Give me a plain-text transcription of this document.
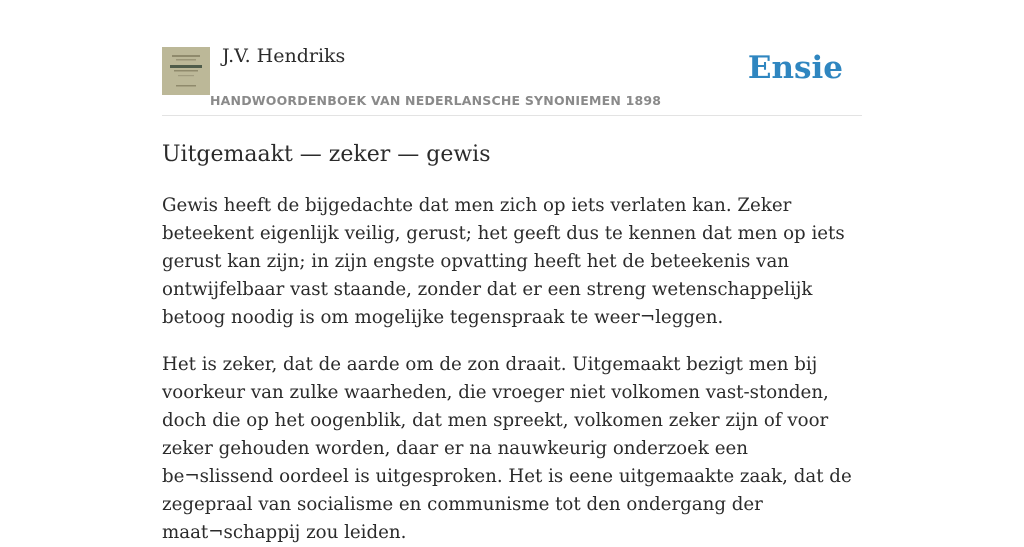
J.V. Hendriks
HANDWOORDENBOEK VAN NEDERLANSCHE SYNONIEMEN 1898
Ensie
Uitgemaakt — zeker — gewis

Gewis heeft de bijgedachte dat men zich op iets verlaten kan. Zeker beteekent eigenlijk veilig, gerust; het geeft dus te kennen dat men op iets gerust kan zijn; in zijn engste opvatting heeft het de beteekenis van ontwijfelbaar vast staande, zonder dat er een streng wetenschappelijk betoog noodig is om mogelijke tegenspraak te weer¬leggen.

Het is zeker, dat de aarde om de zon draait. Uitgemaakt bezigt men bij voorkeur van zulke waarheden, die vroeger niet volkomen vast-stonden, doch die op het oogenblik, dat men spreekt, volkomen zeker zijn of voor zeker gehouden worden, daar er na nauwkeurig onderzoek een be¬slissend oordeel is uitgesproken. Het is eene uitgemaakte zaak, dat de zegepraal van socialisme en communisme tot den ondergang der maat¬schappij zou leiden.
